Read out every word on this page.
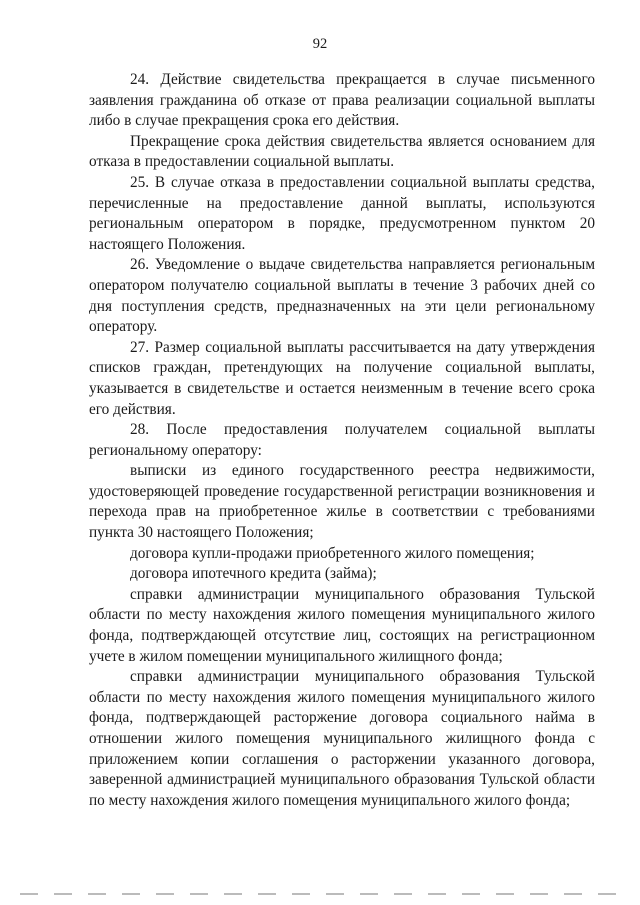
92

24. Действие свидетельства прекращается в случае письменного заявления гражданина об отказе от права реализации социальной выплаты либо в случае прекращения срока его действия.

Прекращение срока действия свидетельства является основанием для отказа в предоставлении социальной выплаты.

25. В случае отказа в предоставлении социальной выплаты средства, перечисленные на предоставление данной выплаты, используются региональным оператором в порядке, предусмотренном пунктом 20 настоящего Положения.

26. Уведомление о выдаче свидетельства направляется региональным оператором получателю социальной выплаты в течение 3 рабочих дней со дня поступления средств, предназначенных на эти цели региональному оператору.

27. Размер социальной выплаты рассчитывается на дату утверждения списков граждан, претендующих на получение социальной выплаты, указывается в свидетельстве и остается неизменным в течение всего срока его действия.

28. После предоставления получателем социальной выплаты региональному оператору:

выписки из единого государственного реестра недвижимости, удостоверяющей проведение государственной регистрации возникновения и перехода прав на приобретенное жилье в соответствии с требованиями пункта 30 настоящего Положения;

договора купли-продажи приобретенного жилого помещения;

договора ипотечного кредита (займа);

справки администрации муниципального образования Тульской области по месту нахождения жилого помещения муниципального жилого фонда, подтверждающей отсутствие лиц, состоящих на регистрационном учете в жилом помещении муниципального жилищного фонда;

справки администрации муниципального образования Тульской области по месту нахождения жилого помещения муниципального жилого фонда, подтверждающей расторжение договора социального найма в отношении жилого помещения муниципального жилищного фонда с приложением копии соглашения о расторжении указанного договора, заверенной администрацией муниципального образования Тульской области по месту нахождения жилого помещения муниципального жилого фонда;
